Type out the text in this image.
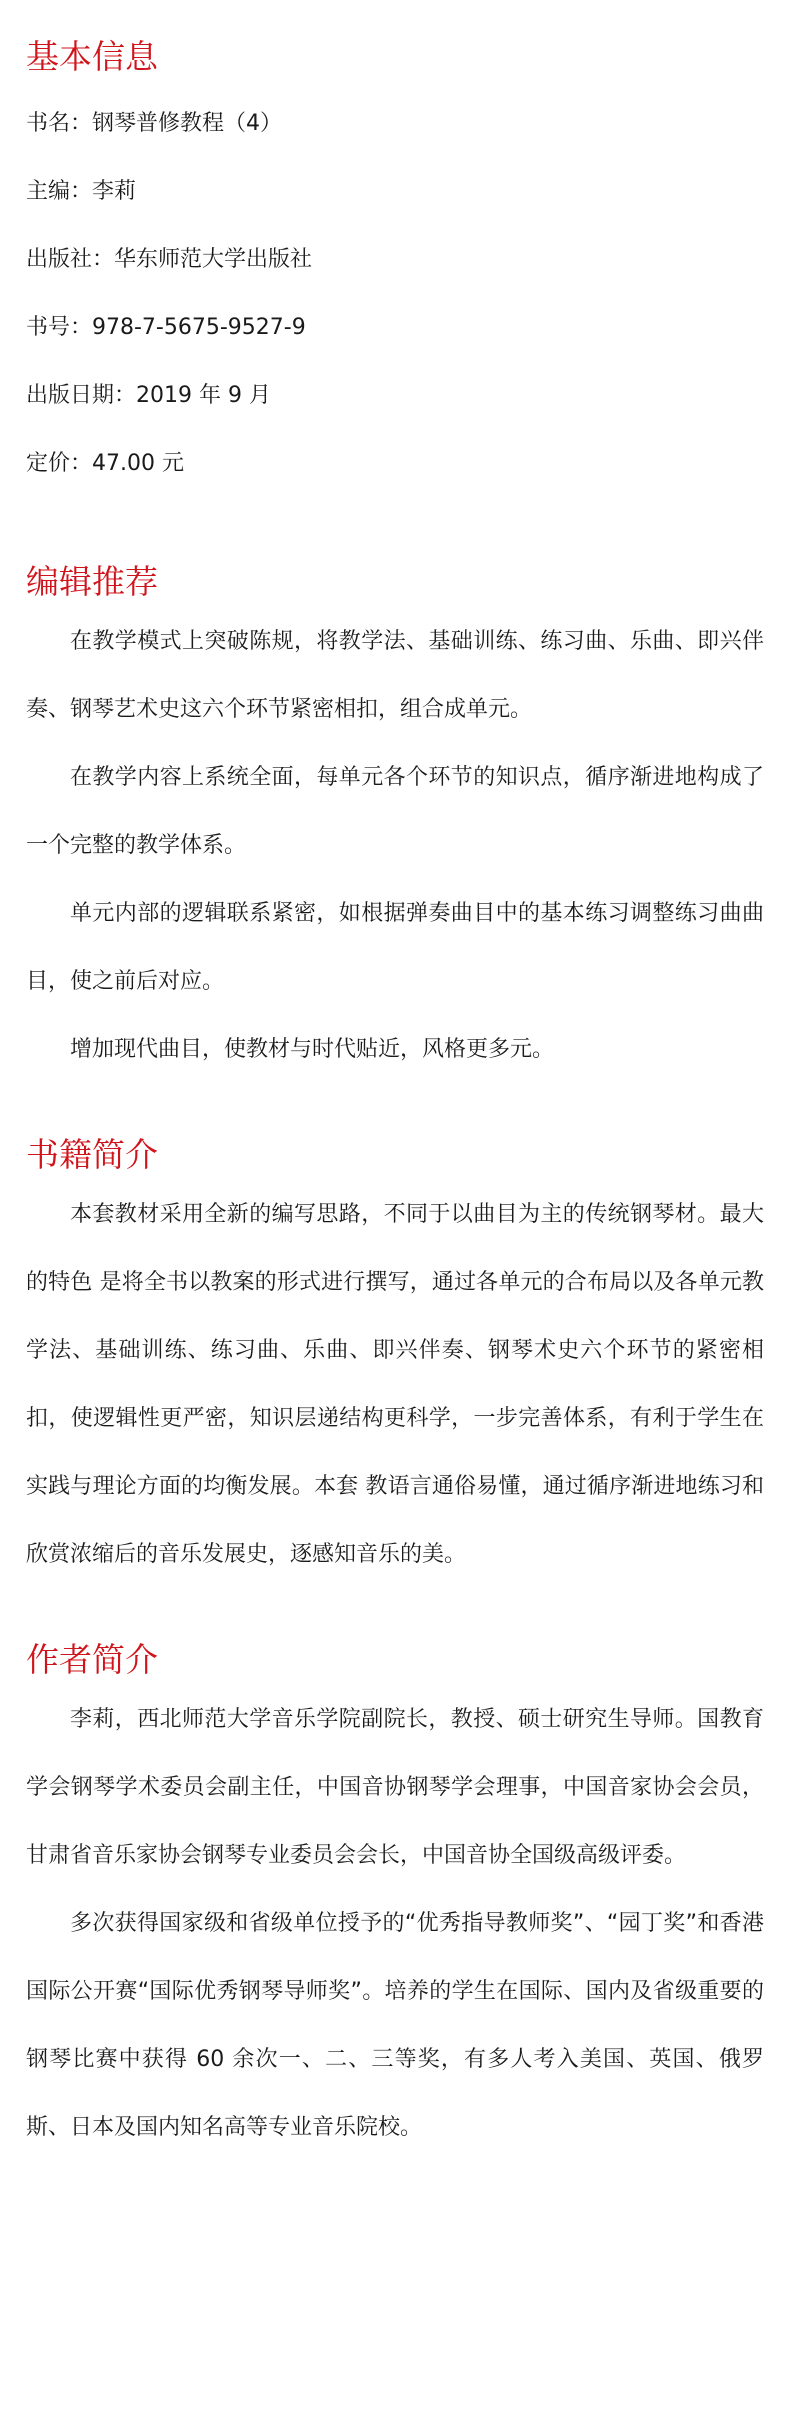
基本信息

书名：钢琴普修教程（4）

主编：李莉

出版社：华东师范大学出版社

书号：978-7-5675-9527-9

出版日期：2019 年 9 月

定价：47.00 元

编辑推荐

在教学模式上突破陈规，将教学法、基础训练、练习曲、乐曲、即兴伴奏、钢琴艺术史这六个环节紧密相扣，组合成单元。

在教学内容上系统全面，每单元各个环节的知识点，循序渐进地构成了一个完整的教学体系。

单元内部的逻辑联系紧密，如根据弹奏曲目中的基本练习调整练习曲曲目，使之前后对应。

增加现代曲目，使教材与时代贴近，风格更多元。

书籍简介

本套教材采用全新的编写思路，不同于以曲目为主的传统钢琴材。最大的特色 是将全书以教案的形式进行撰写，通过各单元的合布局以及各单元教学法、基础训练、练习曲、乐曲、即兴伴奏、钢琴术史六个环节的紧密相扣，使逻辑性更严密，知识层递结构更科学，一步完善体系，有利于学生在实践与理论方面的均衡发展。本套 教语言通俗易懂，通过循序渐进地练习和欣赏浓缩后的音乐发展史，逐感知音乐的美。

作者简介

李莉，西北师范大学音乐学院副院长，教授、硕士研究生导师。国教育学会钢琴学术委员会副主任，中国音协钢琴学会理事，中国音家协会会员，甘肃省音乐家协会钢琴专业委员会会长，中国音协全国级高级评委。

多次获得国家级和省级单位授予的“优秀指导教师奖”、“园丁奖”和香港国际公开赛“国际优秀钢琴导师奖”。培养的学生在国际、国内及省级重要的钢琴比赛中获得 60 余次一、二、三等奖，有多人考入美国、英国、俄罗斯、日本及国内知名高等专业音乐院校。
